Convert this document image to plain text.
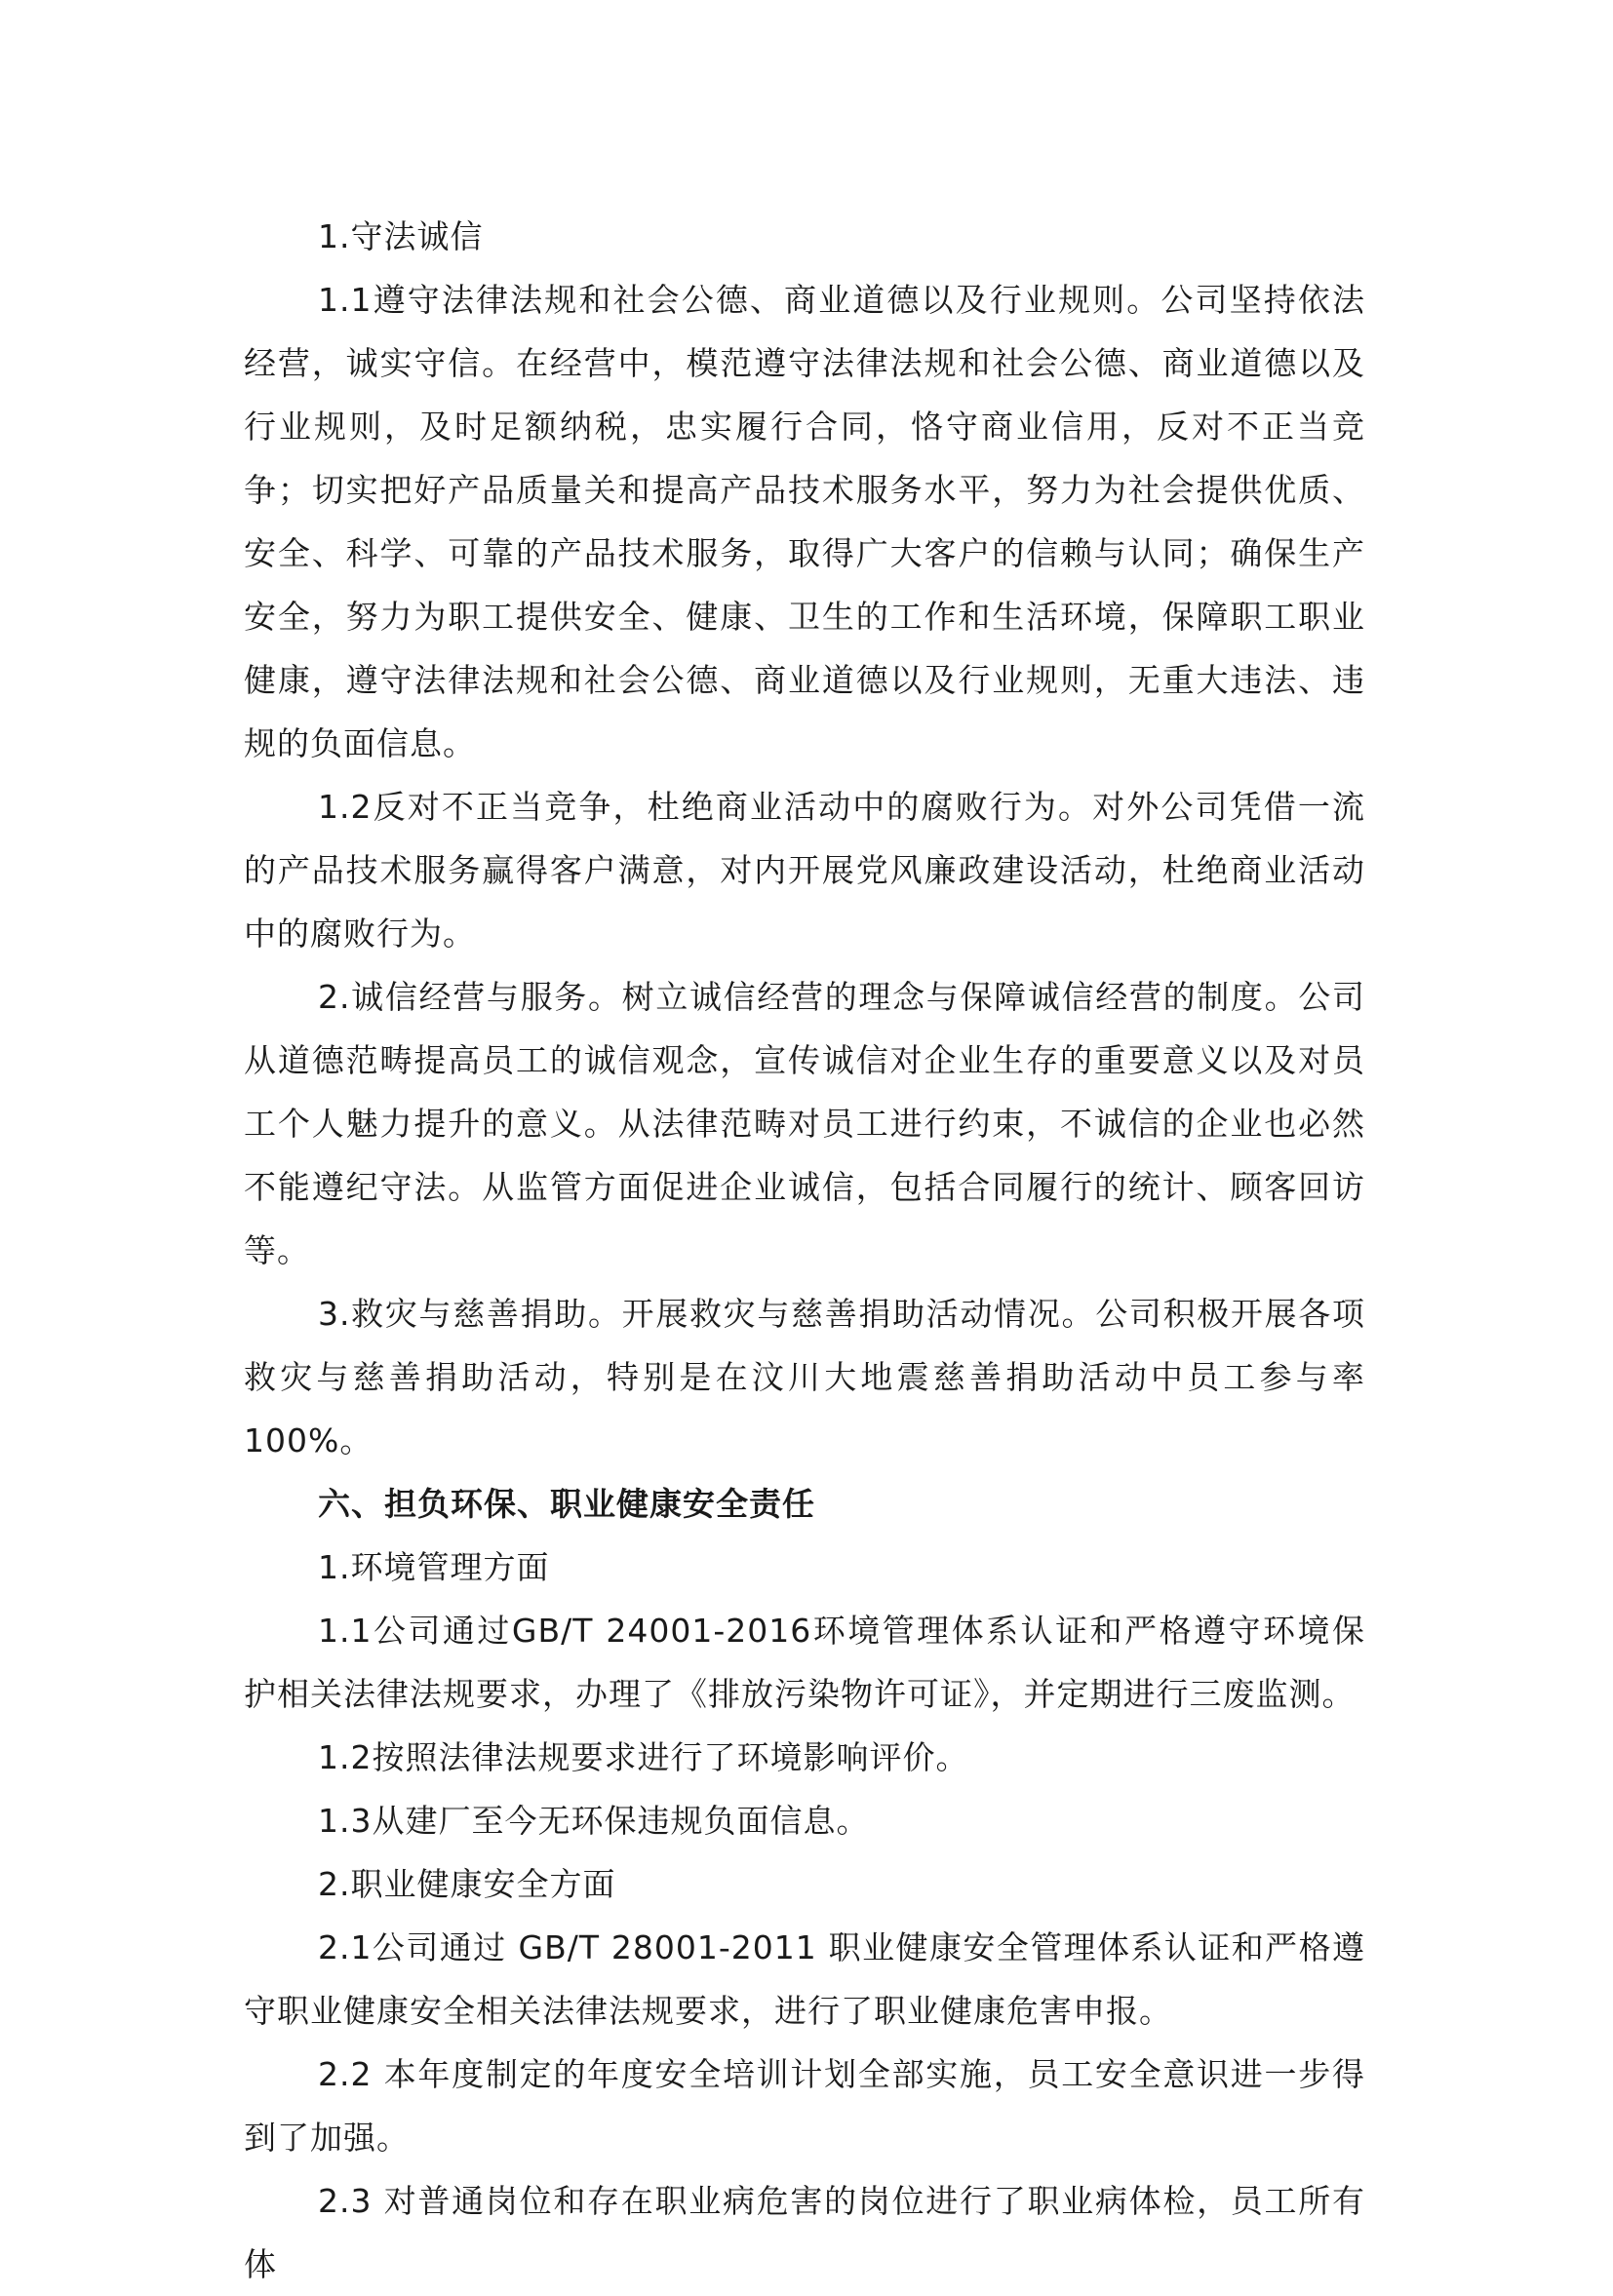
1.守法诚信

1.1遵守法律法规和社会公德、商业道德以及行业规则。公司坚持依法经营，诚实守信。在经营中，模范遵守法律法规和社会公德、商业道德以及行业规则，及时足额纳税，忠实履行合同，恪守商业信用，反对不正当竞争；切实把好产品质量关和提高产品技术服务水平，努力为社会提供优质、安全、科学、可靠的产品技术服务，取得广大客户的信赖与认同；确保生产安全，努力为职工提供安全、健康、卫生的工作和生活环境，保障职工职业健康，遵守法律法规和社会公德、商业道德以及行业规则，无重大违法、违规的负面信息。

1.2反对不正当竞争，杜绝商业活动中的腐败行为。对外公司凭借一流的产品技术服务赢得客户满意，对内开展党风廉政建设活动，杜绝商业活动中的腐败行为。

2.诚信经营与服务。树立诚信经营的理念与保障诚信经营的制度。公司从道德范畴提高员工的诚信观念，宣传诚信对企业生存的重要意义以及对员工个人魅力提升的意义。从法律范畴对员工进行约束，不诚信的企业也必然不能遵纪守法。从监管方面促进企业诚信，包括合同履行的统计、顾客回访等。

3.救灾与慈善捐助。开展救灾与慈善捐助活动情况。公司积极开展各项救灾与慈善捐助活动，特别是在汶川大地震慈善捐助活动中员工参与率100%。

六、担负环保、职业健康安全责任

1.环境管理方面

1.1公司通过GB/T 24001-2016环境管理体系认证和严格遵守环境保护相关法律法规要求，办理了《排放污染物许可证》，并定期进行三废监测。

1.2按照法律法规要求进行了环境影响评价。

1.3从建厂至今无环保违规负面信息。

2.职业健康安全方面

2.1公司通过 GB/T 28001-2011 职业健康安全管理体系认证和严格遵守职业健康安全相关法律法规要求，进行了职业健康危害申报。

2.2 本年度制定的年度安全培训计划全部实施，员工安全意识进一步得到了加强。

2.3 对普通岗位和存在职业病危害的岗位进行了职业病体检，员工所有体
